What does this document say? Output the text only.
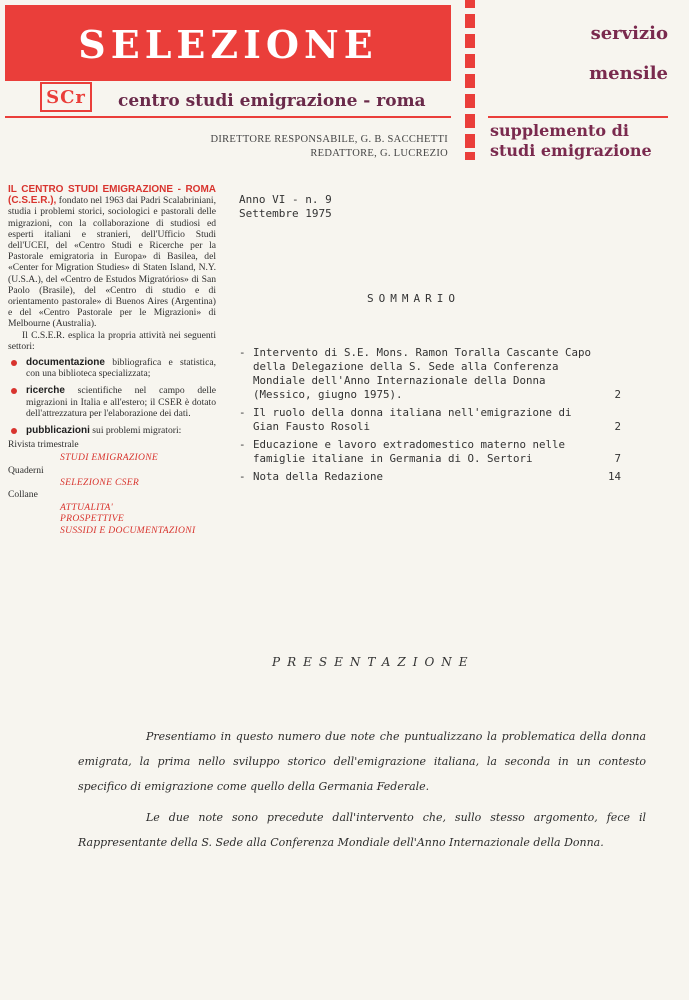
SELEZIONE
SCr	centro studi emigrazione - roma
servizio
mensile
supplemento di
studi emigrazione
DIRETTORE RESPONSABILE, G. B. SACCHETTI
REDATTORE, G. LUCREZIO

IL CENTRO STUDI EMIGRAZIONE - ROMA (C.S.E.R.), fondato nel 1963 dai Padri Scalabriniani, studia i problemi storici, sociologici e pastorali delle migrazioni, con la collaborazione di studiosi ed esperti italiani e stranieri, dell'Ufficio Studi dell'UCEI, del «Centro Studi e Ricerche per la Pastorale emigratoria in Europa» di Basilea, del «Center for Migration Studies» di Staten Island, N.Y. (U.S.A.), del «Centro de Estudos Migratórios» di San Paolo (Brasile), del «Centro di studio e di orientamento pastorale» di Buenos Aires (Argentina) e del «Centro Pastorale per le Migrazioni» di Melbourne (Australia).

Il C.S.E.R. esplica la propria attività nei seguenti settori:

documentazione bibliografica e statistica, con una biblioteca specializzata;
ricerche scientifiche nel campo delle migrazioni in Italia e all'estero; il CSER è dotato dell'attrezzatura per l'elaborazione dei dati.
pubblicazioni sui problemi migratori:
Rivista trimestrale
STUDI EMIGRAZIONE
Quaderni
SELEZIONE CSER
Collane
ATTUALITA'
PROSPETTIVE
SUSSIDI E DOCUMENTAZIONI
Anno VI - n. 9
Settembre 1975
SOMMARIO
- Intervento di S.E. Mons. Ramon Toralla Cascante Capo della Delegazione della S. Sede alla Conferenza Mondiale dell'Anno Internazionale della Donna (Messico, giugno 1975).	2
- Il ruolo della donna italiana nell'emigrazione di Gian Fausto Rosoli	2
- Educazione e lavoro extradomestico materno nelle famiglie italiane in Germania di O. Sertori	7
- Nota della Redazione	14
PRESENTAZIONE

Presentiamo in questo numero due note che puntualizzano la problematica della donna emigrata, la prima nello sviluppo storico dell'emigrazione italiana, la seconda in un contesto specifico di emigrazione come quello della Germania Federale.

Le due note sono precedute dall'intervento che, sullo stesso argomento, fece il Rappresentante della S. Sede alla Conferenza Mondiale dell'Anno Internazionale della Donna.
